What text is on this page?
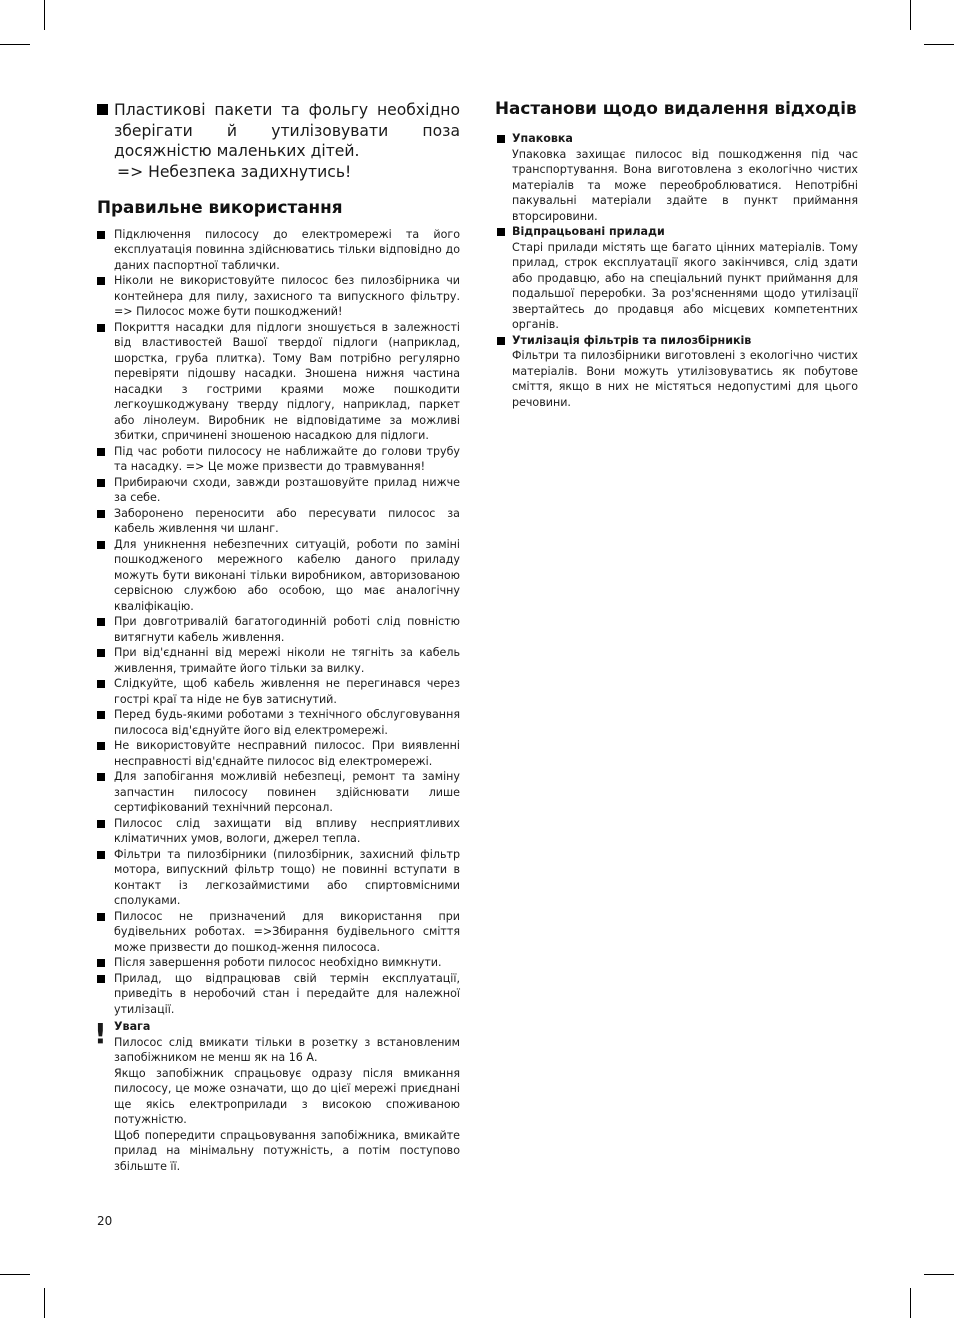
Пластикові пакети та фольгу необхідно зберігати й утилізовувати поза досяжністю маленьких дітей.
=> Небезпека задихнутись!
Правильне використання
Підключення пилососу до електромережі та його експлуатація повинна здійснюватись тільки відповідно до даних паспортної таблички.
Ніколи не використовуйте пилосос без пилозбірника чи контейнера для пилу, захисного та випускного фільтру. => Пилосос може бути пошкоджений!
Покриття насадки для підлоги зношується в залежності від властивостей Вашої твердої підлоги (наприклад, шорстка, груба плитка). Тому Вам потрібно регулярно перевіряти підошву насадки. Зношена нижня частина насадки з гострими краями може пошкодити легкоушкоджувану тверду підлогу, наприклад, паркет або лінолеум. Виробник не відповідатиме за можливі збитки, спричинені зношеною насадкою для підлоги.
Під час роботи пилососу не наближайте до голови трубу та насадку. => Це може призвести до травмування!
Прибираючи сходи, завжди розташовуйте прилад нижче за себе.
Заборонено переносити або пересувати пилосос за кабель живлення чи шланг.
Для уникнення небезпечних ситуацій, роботи по заміні пошкодженого мережного кабелю даного приладу можуть бути виконані тільки виробником, авторизованою сервісною службою або особою, що має аналогічну кваліфікацію.
При довготривалій багатогодинній роботі слід повністю витягнути кабель живлення.
При від'єднанні від мережі ніколи не тягніть за кабель живлення, тримайте його тільки за вилку.
Слідкуйте, щоб кабель живлення не перегинався через гострі краї та ніде не був затиснутий.
Перед будь-якими роботами з технічного обслуговування пилососа від'єднуйте його від електромережі.
Не використовуйте несправний пилосос. При виявленні несправності від'єднайте пилосос від електромережі.
Для запобігання можливій небезпеці, ремонт та заміну запчастин пилососу повинен здійснювати лише сертифікований технічний персонал.
Пилосос слід захищати від впливу несприятливих кліматичних умов, вологи, джерел тепла.
Фільтри та пилозбірники (пилозбірник, захисний фільтр мотора, випускний фільтр тощо) не повинні вступати в контакт із легкозаймистими або спиртовмісними сполуками.
Пилосос не призначений для використання при будівельних роботах. =>Збирання будівельного сміття може призвести до пошкод-ження пилососа.
Після завершення роботи пилосос необхідно вимкнути.
Прилад, що відпрацював свій термін експлуатації, приведіть в неробочий стан і передайте для належної утилізації.
! Увага

Пилосос слід вмикати тільки в розетку з встановленим запобіжником не менш як на 16 А.

Якщо запобіжник спрацьовує одразу після вмикання пилососу, це може означати, що до цієї мережі приєднані ще якісь електроприлади з високою споживаною потужністю.

Щоб попередити спрацьовування запобіжника, вмикайте прилад на мінімальну потужність, а потім поступово збільште її.

Настанови щодо видалення відходів
Упаковка

Упаковка захищає пилосос від пошкодження під час транспортування. Вона виготовлена з екологічно чистих матеріалів та може переоброблюватися. Непотрібні пакувальні матеріали здайте в пункт приймання вторсировини.

Відпрацьовані прилади

Старі прилади містять ще багато цінних матеріалів. Тому прилад, строк експлуатації якого закінчився, слід здати або продавцю, або на спеціальний пункт приймання для подальшої переробки. За роз'ясненнями щодо утилізації звертайтесь до продавця або місцевих компетентних органів.

Утилізація фільтрів та пилозбірників

Фільтри та пилозбірники виготовлені з екологічно чистих матеріалів. Вони можуть утилізовуватись як побутове сміття, якщо в них не містяться недопустимі для цього речовини.

20
